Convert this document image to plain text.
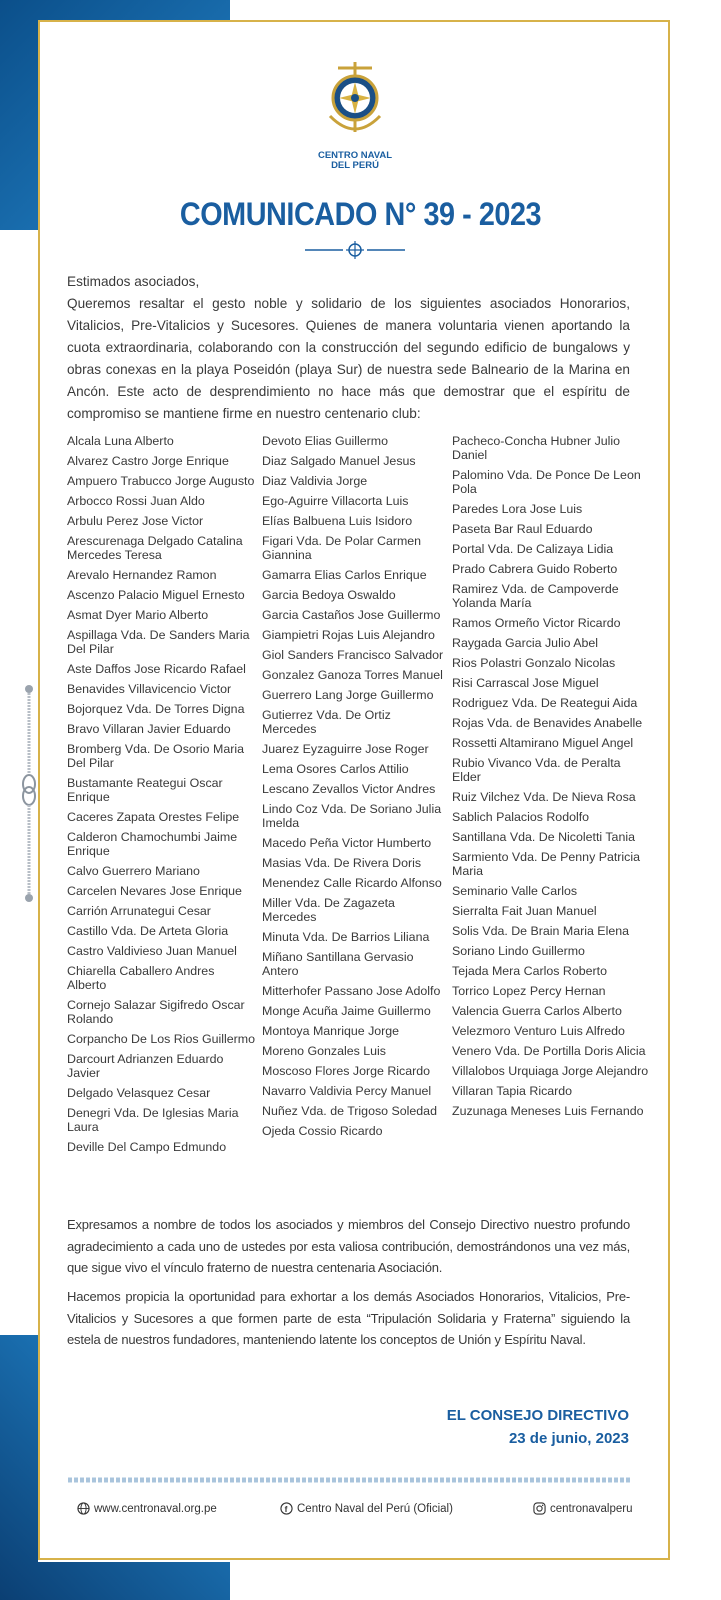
CENTRO NAVAL
DEL PERÚ
COMUNICADO N° 39 - 2023
Estimados asociados,
Queremos resaltar el gesto noble y solidario de los siguientes asociados Honorarios, Vitalicios, Pre-Vitalicios y Sucesores. Quienes de manera voluntaria vienen aportando la cuota extraordinaria, colaborando con la construcción del segundo edificio de bungalows y obras conexas en la playa Poseidón (playa Sur) de nuestra sede Balneario de la Marina en Ancón. Este acto de desprendimiento no hace más que demostrar que el espíritu de compromiso se mantiene firme en nuestro centenario club:
Alcala Luna Alberto
Alvarez Castro Jorge Enrique
Ampuero Trabucco Jorge Augusto
Arbocco Rossi Juan Aldo
Arbulu Perez Jose Victor
Arescurenaga Delgado Catalina Mercedes Teresa
Arevalo Hernandez Ramon
Ascenzo Palacio Miguel Ernesto
Asmat Dyer Mario Alberto
Aspillaga Vda. De Sanders Maria Del Pilar
Aste Daffos Jose Ricardo Rafael
Benavides Villavicencio Victor
Bojorquez Vda. De Torres Digna
Bravo Villaran Javier Eduardo
Bromberg Vda. De Osorio Maria Del Pilar
Bustamante Reategui Oscar Enrique
Caceres Zapata Orestes Felipe
Calderon Chamochumbi Jaime Enrique
Calvo Guerrero Mariano
Carcelen Nevares Jose Enrique
Carrión Arrunategui Cesar
Castillo Vda. De Arteta Gloria
Castro Valdivieso Juan Manuel
Chiarella Caballero Andres Alberto
Cornejo Salazar Sigifredo Oscar Rolando
Corpancho De Los Rios Guillermo
Darcourt Adrianzen Eduardo Javier
Delgado Velasquez Cesar
Denegri Vda. De Iglesias Maria Laura
Deville Del Campo Edmundo
Devoto Elias Guillermo
Diaz Salgado Manuel Jesus
Diaz Valdivia Jorge
Ego-Aguirre Villacorta Luis
Elías Balbuena Luis Isidoro
Figari Vda. De Polar Carmen Giannina
Gamarra Elias Carlos Enrique
Garcia Bedoya Oswaldo
Garcia Castaños Jose Guillermo
Giampietri Rojas Luis Alejandro
Giol Sanders Francisco Salvador
Gonzalez Ganoza Torres Manuel
Guerrero Lang Jorge Guillermo
Gutierrez Vda. De Ortiz Mercedes
Juarez Eyzaguirre Jose Roger
Lema Osores Carlos Attilio
Lescano Zevallos Victor Andres
Lindo Coz Vda. De Soriano Julia Imelda
Macedo Peña Victor Humberto
Masias Vda. De Rivera Doris
Menendez Calle Ricardo Alfonso
Miller Vda. De Zagazeta Mercedes
Minuta Vda. De Barrios Liliana
Miñano Santillana Gervasio Antero
Mitterhofer Passano Jose Adolfo
Monge Acuña Jaime Guillermo
Montoya Manrique Jorge
Moreno Gonzales Luis
Moscoso Flores Jorge Ricardo
Navarro Valdivia Percy Manuel
Nuñez Vda. de Trigoso Soledad
Ojeda Cossio Ricardo
Pacheco-Concha Hubner Julio Daniel
Palomino Vda. De Ponce De Leon Pola
Paredes Lora Jose Luis
Paseta Bar Raul Eduardo
Portal Vda. De Calizaya Lidia
Prado Cabrera Guido Roberto
Ramirez Vda. de Campoverde Yolanda María
Ramos Ormeño Victor Ricardo
Raygada Garcia Julio Abel
Rios Polastri Gonzalo Nicolas
Risi Carrascal Jose Miguel
Rodriguez Vda. De Reategui Aida
Rojas Vda. de Benavides Anabelle
Rossetti Altamirano Miguel Angel
Rubio Vivanco Vda. de Peralta Elder
Ruiz Vilchez Vda. De Nieva Rosa
Sablich Palacios Rodolfo
Santillana Vda. De Nicoletti Tania
Sarmiento Vda. De Penny Patricia Maria
Seminario Valle Carlos
Sierralta Fait Juan Manuel
Solis Vda. De Brain Maria Elena
Soriano Lindo Guillermo
Tejada Mera Carlos Roberto
Torrico Lopez Percy Hernan
Valencia Guerra Carlos Alberto
Velezmoro Venturo Luis Alfredo
Venero Vda. De Portilla Doris Alicia
Villalobos Urquiaga Jorge Alejandro
Villaran Tapia Ricardo
Zuzunaga Meneses Luis Fernando
Expresamos a nombre de todos los asociados y miembros del Consejo Directivo nuestro profundo agradecimiento a cada uno de ustedes por esta valiosa contribución, demostrándonos una vez más, que sigue vivo el vínculo fraterno de nuestra centenaria Asociación.
Hacemos propicia la oportunidad para exhortar a los demás Asociados Honorarios, Vitalicios, Pre-Vitalicios y Sucesores a que formen parte de esta “Tripulación Solidaria y Fraterna” siguiendo la estela de nuestros fundadores, manteniendo latente los conceptos de Unión y Espíritu Naval.
EL CONSEJO DIRECTIVO
23 de junio, 2023
www.centronaval.org.pe	f Centro Naval del Perú (Oficial)	centronavalperu
